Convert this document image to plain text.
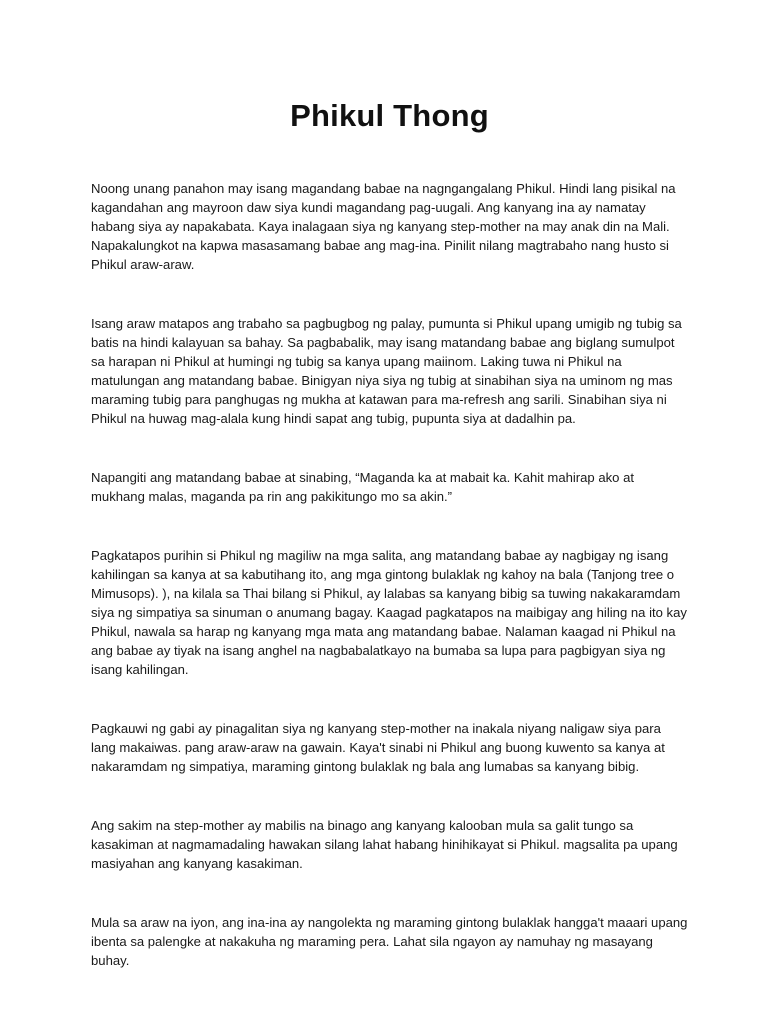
Phikul Thong

Noong unang panahon may isang magandang babae na nagngangalang Phikul. Hindi lang pisikal na kagandahan ang mayroon daw siya kundi magandang pag-uugali. Ang kanyang ina ay namatay habang siya ay napakabata. Kaya inalagaan siya ng kanyang step-mother na may anak din na Mali. Napakalungkot na kapwa masasamang babae ang mag-ina. Pinilit nilang magtrabaho nang husto si Phikul araw-araw.

Isang araw matapos ang trabaho sa pagbugbog ng palay, pumunta si Phikul upang umigib ng tubig sa batis na hindi kalayuan sa bahay. Sa pagbabalik, may isang matandang babae ang biglang sumulpot sa harapan ni Phikul at humingi ng tubig sa kanya upang maiinom. Laking tuwa ni Phikul na matulungan ang matandang babae. Binigyan niya siya ng tubig at sinabihan siya na uminom ng mas maraming tubig para panghugas ng mukha at katawan para ma-refresh ang sarili. Sinabihan siya ni Phikul na huwag mag-alala kung hindi sapat ang tubig, pupunta siya at dadalhin pa.

Napangiti ang matandang babae at sinabing, “Maganda ka at mabait ka. Kahit mahirap ako at mukhang malas, maganda pa rin ang pakikitungo mo sa akin.”

Pagkatapos purihin si Phikul ng magiliw na mga salita, ang matandang babae ay nagbigay ng isang kahilingan sa kanya at sa kabutihang ito, ang mga gintong bulaklak ng kahoy na bala (Tanjong tree o Mimusops). ), na kilala sa Thai bilang si Phikul, ay lalabas sa kanyang bibig sa tuwing nakakaramdam siya ng simpatiya sa sinuman o anumang bagay. Kaagad pagkatapos na maibigay ang hiling na ito kay Phikul, nawala sa harap ng kanyang mga mata ang matandang babae. Nalaman kaagad ni Phikul na ang babae ay tiyak na isang anghel na nagbabalatkayo na bumaba sa lupa para pagbigyan siya ng isang kahilingan.

Pagkauwi ng gabi ay pinagalitan siya ng kanyang step-mother na inakala niyang naligaw siya para lang makaiwas. pang araw-araw na gawain. Kaya't sinabi ni Phikul ang buong kuwento sa kanya at nakaramdam ng simpatiya, maraming gintong bulaklak ng bala ang lumabas sa kanyang bibig.

Ang sakim na step-mother ay mabilis na binago ang kanyang kalooban mula sa galit tungo sa kasakiman at nagmamadaling hawakan silang lahat habang hinihikayat si Phikul. magsalita pa upang masiyahan ang kanyang kasakiman.

Mula sa araw na iyon, ang ina-ina ay nangolekta ng maraming gintong bulaklak hangga't maaari upang ibenta sa palengke at nakakuha ng maraming pera. Lahat sila ngayon ay namuhay ng masayang buhay.
